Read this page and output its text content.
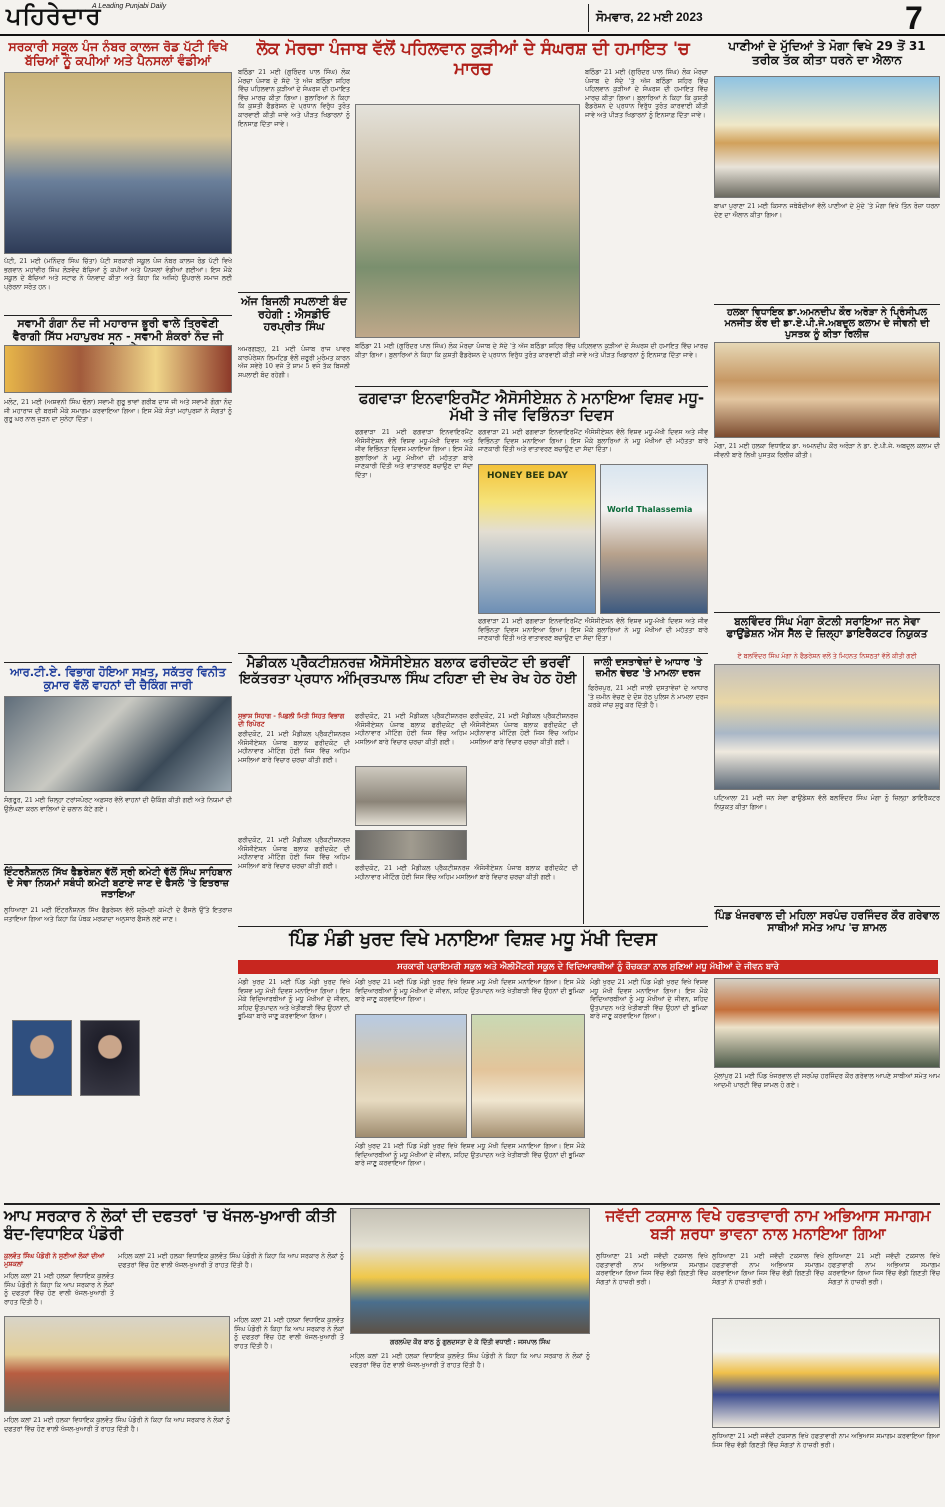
ਪਹਿਰੇਦਾਰ
A Leading Punjabi Daily
ਸੋਮਵਾਰ, 22 ਮਈ 2023	7
ਸਰਕਾਰੀ ਸਕੂਲ ਪੰਜ ਨੰਬਰ ਕਾਲਜ ਰੋਡ ਪੱਟੀ ਵਿਖੇ ਬੱਚਿਆਂ ਨੂੰ ਕਪੀਆਂ ਅਤੇ ਪੈਨਸਲਾਂ ਵੰਡੀਆਂ
ਪੱਟੀ, 21 ਮਈ (ਮਨਿੰਦਰ ਸਿੰਘ ਚਿੱਤਾ) ਪੱਟੀ ਸਰਕਾਰੀ ਸਕੂਲ ਪੰਜ ਨੰਬਰ ਕਾਲਜ ਰੋਡ ਪੱਟੀ ਵਿਖੇ ਭਗਵਾਨ ਮਹਾਂਵੀਰ ਸਿੰਘ ਲੋੜਵੰਦ ਬੱਚਿਆਂ ਨੂੰ ਕਪੀਆਂ ਅਤੇ ਪੈਨਸਲਾਂ ਵੰਡੀਆਂ ਗਈਆਂ। ਇਸ ਮੌਕੇ ਸਕੂਲ ਦੇ ਬੱਚਿਆਂ ਅਤੇ ਸਟਾਫ ਨੇ ਧੰਨਵਾਦ ਕੀਤਾ ਅਤੇ ਕਿਹਾ ਕਿ ਅਜਿਹੇ ਉਪਰਾਲੇ ਸਮਾਜ ਲਈ ਪ੍ਰੇਰਨਾ ਸਰੋਤ ਹਨ।
ਸਵਾਮੀ ਗੰਗਾ ਨੰਦ ਜੀ ਮਹਾਰਾਜ ਭੂਰੀ ਵਾਲੇ ਤ੍ਰਿਵੇਣੀ ਵੈਰਾਗੀ ਸਿੱਧ ਮਹਾਪੁਰਖ ਸਨ - ਸਵਾਮੀ ਸ਼ੰਕਰਾਂ ਨੰਦ ਜੀ
ਮਲੋਟ, 21 ਮਈ (ਅਸ਼ਵਨੀ ਸਿੰਘ ਢੋਲਾ) ਸਵਾਮੀ ਗੁਰੂ ਭਾਵਾਂ ਗਰੀਬ ਦਾਸ ਜੀ ਅਤੇ ਸਵਾਮੀ ਗੰਗਾ ਨੰਦ ਜੀ ਮਹਾਰਾਜ ਦੀ ਬਰਸੀ ਮੌਕੇ ਸਮਾਗਮ ਕਰਵਾਇਆ ਗਿਆ। ਇਸ ਮੌਕੇ ਸੰਤਾਂ ਮਹਾਂਪੁਰਸ਼ਾਂ ਨੇ ਸੰਗਤਾਂ ਨੂੰ ਗੁਰੂ ਘਰ ਨਾਲ ਜੁੜਨ ਦਾ ਸੁਨੇਹਾ ਦਿੱਤਾ।
ਆਰ.ਟੀ.ਏ. ਵਿਭਾਗ ਹੋਇਆ ਸਖ਼ਤ, ਸਕੱਤਰ ਵਿਨੀਤ ਕੁਮਾਰ ਵੱਲੋਂ ਵਾਹਨਾਂ ਦੀ ਚੈਕਿੰਗ ਜਾਰੀ
ਸੰਗਰੂਰ, 21 ਮਈ ਜ਼ਿਲ੍ਹਾ ਟਰਾਂਸਪੋਰਟ ਅਫ਼ਸਰ ਵੱਲੋਂ ਵਾਹਨਾਂ ਦੀ ਚੈਕਿੰਗ ਕੀਤੀ ਗਈ ਅਤੇ ਨਿਯਮਾਂ ਦੀ ਉਲੰਘਣਾ ਕਰਨ ਵਾਲਿਆਂ ਦੇ ਚਲਾਨ ਕੱਟੇ ਗਏ।
ਇੰਟਰਨੈਸ਼ਨਲ ਸਿੱਖ ਫੈਡਰੇਸ਼ਨ ਵੱਲੋਂ ਸ੍ਰੀ ਕਮੇਟੀ ਵੱਲੋਂ ਸਿੰਘ ਸਾਹਿਬਾਨ ਦੇ ਸੇਵਾ ਨਿਯਮਾਂ ਸਬੰਧੀ ਕਮੇਟੀ ਬਣਾਏ ਜਾਣ ਦੇ ਫੈਸਲੇ 'ਤੇ ਇਤਰਾਜ਼ ਜਤਾਇਆ
ਲੁਧਿਆਣਾ 21 ਮਈ ਇੰਟਰਨੈਸ਼ਨਲ ਸਿੱਖ ਫੈਡਰੇਸ਼ਨ ਵੱਲੋਂ ਸ਼੍ਰੋਮਣੀ ਕਮੇਟੀ ਦੇ ਫੈਸਲੇ ਉੱਤੇ ਇਤਰਾਜ਼ ਜਤਾਇਆ ਗਿਆ ਅਤੇ ਕਿਹਾ ਕਿ ਪੰਥਕ ਮਰਯਾਦਾ ਅਨੁਸਾਰ ਫੈਸਲੇ ਲਏ ਜਾਣ।
ਲੋਕ ਮੋਰਚਾ ਪੰਜਾਬ ਵੱਲੋਂ ਪਹਿਲਵਾਨ ਕੁੜੀਆਂ ਦੇ ਸੰਘਰਸ਼ ਦੀ ਹਮਾਇਤ 'ਚ ਮਾਰਚ
ਬਠਿੰਡਾ 21 ਮਈ (ਗੁਰਿੰਦਰ ਪਾਲ ਸਿੰਘ) ਲੋਕ ਮੋਰਚਾ ਪੰਜਾਬ ਦੇ ਸੱਦੇ 'ਤੇ ਅੱਜ ਬਠਿੰਡਾ ਸ਼ਹਿਰ ਵਿੱਚ ਪਹਿਲਵਾਨ ਕੁੜੀਆਂ ਦੇ ਸੰਘਰਸ਼ ਦੀ ਹਮਾਇਤ ਵਿੱਚ ਮਾਰਚ ਕੀਤਾ ਗਿਆ। ਬੁਲਾਰਿਆਂ ਨੇ ਕਿਹਾ ਕਿ ਕੁਸ਼ਤੀ ਫੈਡਰੇਸ਼ਨ ਦੇ ਪ੍ਰਧਾਨ ਵਿਰੁੱਧ ਤੁਰੰਤ ਕਾਰਵਾਈ ਕੀਤੀ ਜਾਵੇ ਅਤੇ ਪੀੜਤ ਖਿਡਾਰਨਾਂ ਨੂੰ ਇਨਸਾਫ਼ ਦਿੱਤਾ ਜਾਵੇ।
ਬਠਿੰਡਾ 21 ਮਈ (ਗੁਰਿੰਦਰ ਪਾਲ ਸਿੰਘ) ਲੋਕ ਮੋਰਚਾ ਪੰਜਾਬ ਦੇ ਸੱਦੇ 'ਤੇ ਅੱਜ ਬਠਿੰਡਾ ਸ਼ਹਿਰ ਵਿੱਚ ਪਹਿਲਵਾਨ ਕੁੜੀਆਂ ਦੇ ਸੰਘਰਸ਼ ਦੀ ਹਮਾਇਤ ਵਿੱਚ ਮਾਰਚ ਕੀਤਾ ਗਿਆ। ਬੁਲਾਰਿਆਂ ਨੇ ਕਿਹਾ ਕਿ ਕੁਸ਼ਤੀ ਫੈਡਰੇਸ਼ਨ ਦੇ ਪ੍ਰਧਾਨ ਵਿਰੁੱਧ ਤੁਰੰਤ ਕਾਰਵਾਈ ਕੀਤੀ ਜਾਵੇ ਅਤੇ ਪੀੜਤ ਖਿਡਾਰਨਾਂ ਨੂੰ ਇਨਸਾਫ਼ ਦਿੱਤਾ ਜਾਵੇ।
ਬਠਿੰਡਾ 21 ਮਈ (ਗੁਰਿੰਦਰ ਪਾਲ ਸਿੰਘ) ਲੋਕ ਮੋਰਚਾ ਪੰਜਾਬ ਦੇ ਸੱਦੇ 'ਤੇ ਅੱਜ ਬਠਿੰਡਾ ਸ਼ਹਿਰ ਵਿੱਚ ਪਹਿਲਵਾਨ ਕੁੜੀਆਂ ਦੇ ਸੰਘਰਸ਼ ਦੀ ਹਮਾਇਤ ਵਿੱਚ ਮਾਰਚ ਕੀਤਾ ਗਿਆ। ਬੁਲਾਰਿਆਂ ਨੇ ਕਿਹਾ ਕਿ ਕੁਸ਼ਤੀ ਫੈਡਰੇਸ਼ਨ ਦੇ ਪ੍ਰਧਾਨ ਵਿਰੁੱਧ ਤੁਰੰਤ ਕਾਰਵਾਈ ਕੀਤੀ ਜਾਵੇ ਅਤੇ ਪੀੜਤ ਖਿਡਾਰਨਾਂ ਨੂੰ ਇਨਸਾਫ਼ ਦਿੱਤਾ ਜਾਵੇ।
ਅੱਜ ਬਿਜਲੀ ਸਪਲਾਈ ਬੰਦ ਰਹੇਗੀ : ਐਸਡੀਓ ਹਰਪ੍ਰੀਤ ਸਿੰਘ
ਅਮਰਗੜ੍ਹ, 21 ਮਈ ਪੰਜਾਬ ਰਾਜ ਪਾਵਰ ਕਾਰਪੋਰੇਸ਼ਨ ਲਿਮਟਿਡ ਵੱਲੋਂ ਜ਼ਰੂਰੀ ਮੁਰੰਮਤ ਕਾਰਨ ਅੱਜ ਸਵੇਰੇ 10 ਵਜੇ ਤੋਂ ਸ਼ਾਮ 5 ਵਜੇ ਤੱਕ ਬਿਜਲੀ ਸਪਲਾਈ ਬੰਦ ਰਹੇਗੀ।
ਫਗਵਾੜਾ ਇਨਵਾਇਰਮੈਂਟ ਐਸੋਸੀਏਸ਼ਨ ਨੇ ਮਨਾਇਆ ਵਿਸ਼ਵ ਮਧੂ-ਮੱਖੀ ਤੇ ਜੀਵ ਵਿਭਿੰਨਤਾ ਦਿਵਸ
ਫਗਵਾੜਾ 21 ਮਈ ਫਗਵਾੜਾ ਇਨਵਾਇਰਮੈਂਟ ਐਸੋਸੀਏਸ਼ਨ ਵੱਲੋਂ ਵਿਸ਼ਵ ਮਧੂ-ਮੱਖੀ ਦਿਵਸ ਅਤੇ ਜੀਵ ਵਿਭਿੰਨਤਾ ਦਿਵਸ ਮਨਾਇਆ ਗਿਆ। ਇਸ ਮੌਕੇ ਬੁਲਾਰਿਆਂ ਨੇ ਮਧੂ ਮੱਖੀਆਂ ਦੀ ਮਹੱਤਤਾ ਬਾਰੇ ਜਾਣਕਾਰੀ ਦਿੱਤੀ ਅਤੇ ਵਾਤਾਵਰਣ ਬਚਾਉਣ ਦਾ ਸੱਦਾ ਦਿੱਤਾ।
ਫਗਵਾੜਾ 21 ਮਈ ਫਗਵਾੜਾ ਇਨਵਾਇਰਮੈਂਟ ਐਸੋਸੀਏਸ਼ਨ ਵੱਲੋਂ ਵਿਸ਼ਵ ਮਧੂ-ਮੱਖੀ ਦਿਵਸ ਅਤੇ ਜੀਵ ਵਿਭਿੰਨਤਾ ਦਿਵਸ ਮਨਾਇਆ ਗਿਆ। ਇਸ ਮੌਕੇ ਬੁਲਾਰਿਆਂ ਨੇ ਮਧੂ ਮੱਖੀਆਂ ਦੀ ਮਹੱਤਤਾ ਬਾਰੇ ਜਾਣਕਾਰੀ ਦਿੱਤੀ ਅਤੇ ਵਾਤਾਵਰਣ ਬਚਾਉਣ ਦਾ ਸੱਦਾ ਦਿੱਤਾ।
HONEY BEE DAY
World Thalassemia
ਫਗਵਾੜਾ 21 ਮਈ ਫਗਵਾੜਾ ਇਨਵਾਇਰਮੈਂਟ ਐਸੋਸੀਏਸ਼ਨ ਵੱਲੋਂ ਵਿਸ਼ਵ ਮਧੂ-ਮੱਖੀ ਦਿਵਸ ਅਤੇ ਜੀਵ ਵਿਭਿੰਨਤਾ ਦਿਵਸ ਮਨਾਇਆ ਗਿਆ। ਇਸ ਮੌਕੇ ਬੁਲਾਰਿਆਂ ਨੇ ਮਧੂ ਮੱਖੀਆਂ ਦੀ ਮਹੱਤਤਾ ਬਾਰੇ ਜਾਣਕਾਰੀ ਦਿੱਤੀ ਅਤੇ ਵਾਤਾਵਰਣ ਬਚਾਉਣ ਦਾ ਸੱਦਾ ਦਿੱਤਾ।
ਮੈਡੀਕਲ ਪ੍ਰੈਕਟੀਸ਼ਨਰਜ਼ ਐਸੋਸੀਏਸ਼ਨ ਬਲਾਕ ਫਰੀਦਕੋਟ ਦੀ ਭਰਵੀਂ ਇਕੱਤਰਤਾ ਪ੍ਰਧਾਨ ਅੰਮ੍ਰਿਤਪਾਲ ਸਿੰਘ ਟਹਿਣਾ ਦੀ ਦੇਖ ਰੇਖ ਹੇਠ ਹੋਈ
ਸੁਭਾਸ਼ ਸਿਹਾਗ - ਪਿਛਲੀ ਮਿਤੀ ਸਿਹਤ ਵਿਭਾਗ ਦੀ ਰਿਪੋਰਟ
ਫਰੀਦਕੋਟ, 21 ਮਈ ਮੈਡੀਕਲ ਪ੍ਰੈਕਟੀਸ਼ਨਰਜ਼ ਐਸੋਸੀਏਸ਼ਨ ਪੰਜਾਬ ਬਲਾਕ ਫਰੀਦਕੋਟ ਦੀ ਮਹੀਨਾਵਾਰ ਮੀਟਿੰਗ ਹੋਈ ਜਿਸ ਵਿੱਚ ਅਹਿਮ ਮਸਲਿਆਂ ਬਾਰੇ ਵਿਚਾਰ ਚਰਚਾ ਕੀਤੀ ਗਈ।
ਫਰੀਦਕੋਟ, 21 ਮਈ ਮੈਡੀਕਲ ਪ੍ਰੈਕਟੀਸ਼ਨਰਜ਼ ਐਸੋਸੀਏਸ਼ਨ ਪੰਜਾਬ ਬਲਾਕ ਫਰੀਦਕੋਟ ਦੀ ਮਹੀਨਾਵਾਰ ਮੀਟਿੰਗ ਹੋਈ ਜਿਸ ਵਿੱਚ ਅਹਿਮ ਮਸਲਿਆਂ ਬਾਰੇ ਵਿਚਾਰ ਚਰਚਾ ਕੀਤੀ ਗਈ।
ਫਰੀਦਕੋਟ, 21 ਮਈ ਮੈਡੀਕਲ ਪ੍ਰੈਕਟੀਸ਼ਨਰਜ਼ ਐਸੋਸੀਏਸ਼ਨ ਪੰਜਾਬ ਬਲਾਕ ਫਰੀਦਕੋਟ ਦੀ ਮਹੀਨਾਵਾਰ ਮੀਟਿੰਗ ਹੋਈ ਜਿਸ ਵਿੱਚ ਅਹਿਮ ਮਸਲਿਆਂ ਬਾਰੇ ਵਿਚਾਰ ਚਰਚਾ ਕੀਤੀ ਗਈ।
ਫਰੀਦਕੋਟ, 21 ਮਈ ਮੈਡੀਕਲ ਪ੍ਰੈਕਟੀਸ਼ਨਰਜ਼ ਐਸੋਸੀਏਸ਼ਨ ਪੰਜਾਬ ਬਲਾਕ ਫਰੀਦਕੋਟ ਦੀ ਮਹੀਨਾਵਾਰ ਮੀਟਿੰਗ ਹੋਈ ਜਿਸ ਵਿੱਚ ਅਹਿਮ ਮਸਲਿਆਂ ਬਾਰੇ ਵਿਚਾਰ ਚਰਚਾ ਕੀਤੀ ਗਈ।
ਫਰੀਦਕੋਟ, 21 ਮਈ ਮੈਡੀਕਲ ਪ੍ਰੈਕਟੀਸ਼ਨਰਜ਼ ਐਸੋਸੀਏਸ਼ਨ ਪੰਜਾਬ ਬਲਾਕ ਫਰੀਦਕੋਟ ਦੀ ਮਹੀਨਾਵਾਰ ਮੀਟਿੰਗ ਹੋਈ ਜਿਸ ਵਿੱਚ ਅਹਿਮ ਮਸਲਿਆਂ ਬਾਰੇ ਵਿਚਾਰ ਚਰਚਾ ਕੀਤੀ ਗਈ।
ਜਾਲੀ ਦਸਤਾਵੇਜ਼ਾਂ ਦੇ ਆਧਾਰ 'ਤੇ ਜ਼ਮੀਨ ਵੇਚਣ 'ਤੇ ਮਾਮਲਾ ਦਰਜ
ਫਿਰੋਜ਼ਪੁਰ, 21 ਮਈ ਜਾਲੀ ਦਸਤਾਵੇਜ਼ਾਂ ਦੇ ਆਧਾਰ 'ਤੇ ਜ਼ਮੀਨ ਵੇਚਣ ਦੇ ਦੋਸ਼ ਹੇਠ ਪੁਲਿਸ ਨੇ ਮਾਮਲਾ ਦਰਜ ਕਰਕੇ ਜਾਂਚ ਸ਼ੁਰੂ ਕਰ ਦਿੱਤੀ ਹੈ।
ਪਿੰਡ ਮੰਡੀ ਖੁਰਦ ਵਿਖੇ ਮਨਾਇਆ ਵਿਸ਼ਵ ਮਧੂ ਮੱਖੀ ਦਿਵਸ
ਸਰਕਾਰੀ ਪ੍ਰਾਇਮਰੀ ਸਕੂਲ ਅਤੇ ਐਲੀਮੈਂਟਰੀ ਸਕੂਲ ਦੇ ਵਿਦਿਆਰਥੀਆਂ ਨੂੰ ਰੌਚਕਤਾ ਨਾਲ ਸੁਣਿਆਂ ਮਧੂ ਮੱਖੀਆਂ ਦੇ ਜੀਵਨ ਬਾਰੇ
ਮੰਡੀ ਖੁਰਦ 21 ਮਈ ਪਿੰਡ ਮੰਡੀ ਖੁਰਦ ਵਿਖੇ ਵਿਸ਼ਵ ਮਧੂ ਮੱਖੀ ਦਿਵਸ ਮਨਾਇਆ ਗਿਆ। ਇਸ ਮੌਕੇ ਵਿਦਿਆਰਥੀਆਂ ਨੂੰ ਮਧੂ ਮੱਖੀਆਂ ਦੇ ਜੀਵਨ, ਸ਼ਹਿਦ ਉਤਪਾਦਨ ਅਤੇ ਖੇਤੀਬਾੜੀ ਵਿੱਚ ਉਹਨਾਂ ਦੀ ਭੂਮਿਕਾ ਬਾਰੇ ਜਾਣੂ ਕਰਵਾਇਆ ਗਿਆ।
ਮੰਡੀ ਖੁਰਦ 21 ਮਈ ਪਿੰਡ ਮੰਡੀ ਖੁਰਦ ਵਿਖੇ ਵਿਸ਼ਵ ਮਧੂ ਮੱਖੀ ਦਿਵਸ ਮਨਾਇਆ ਗਿਆ। ਇਸ ਮੌਕੇ ਵਿਦਿਆਰਥੀਆਂ ਨੂੰ ਮਧੂ ਮੱਖੀਆਂ ਦੇ ਜੀਵਨ, ਸ਼ਹਿਦ ਉਤਪਾਦਨ ਅਤੇ ਖੇਤੀਬਾੜੀ ਵਿੱਚ ਉਹਨਾਂ ਦੀ ਭੂਮਿਕਾ ਬਾਰੇ ਜਾਣੂ ਕਰਵਾਇਆ ਗਿਆ।
ਮੰਡੀ ਖੁਰਦ 21 ਮਈ ਪਿੰਡ ਮੰਡੀ ਖੁਰਦ ਵਿਖੇ ਵਿਸ਼ਵ ਮਧੂ ਮੱਖੀ ਦਿਵਸ ਮਨਾਇਆ ਗਿਆ। ਇਸ ਮੌਕੇ ਵਿਦਿਆਰਥੀਆਂ ਨੂੰ ਮਧੂ ਮੱਖੀਆਂ ਦੇ ਜੀਵਨ, ਸ਼ਹਿਦ ਉਤਪਾਦਨ ਅਤੇ ਖੇਤੀਬਾੜੀ ਵਿੱਚ ਉਹਨਾਂ ਦੀ ਭੂਮਿਕਾ ਬਾਰੇ ਜਾਣੂ ਕਰਵਾਇਆ ਗਿਆ।
ਮੰਡੀ ਖੁਰਦ 21 ਮਈ ਪਿੰਡ ਮੰਡੀ ਖੁਰਦ ਵਿਖੇ ਵਿਸ਼ਵ ਮਧੂ ਮੱਖੀ ਦਿਵਸ ਮਨਾਇਆ ਗਿਆ। ਇਸ ਮੌਕੇ ਵਿਦਿਆਰਥੀਆਂ ਨੂੰ ਮਧੂ ਮੱਖੀਆਂ ਦੇ ਜੀਵਨ, ਸ਼ਹਿਦ ਉਤਪਾਦਨ ਅਤੇ ਖੇਤੀਬਾੜੀ ਵਿੱਚ ਉਹਨਾਂ ਦੀ ਭੂਮਿਕਾ ਬਾਰੇ ਜਾਣੂ ਕਰਵਾਇਆ ਗਿਆ।
ਪਾਣੀਆਂ ਦੇ ਮੁੱਦਿਆਂ ਤੇ ਮੋਗਾ ਵਿਖੇ 29 ਤੋਂ 31 ਤਰੀਕ ਤੱਕ ਕੀਤਾ ਧਰਨੇ ਦਾ ਐਲਾਨ
ਬਾਘਾ ਪੁਰਾਣਾ 21 ਮਈ ਕਿਸਾਨ ਜਥੇਬੰਦੀਆਂ ਵੱਲੋਂ ਪਾਣੀਆਂ ਦੇ ਮੁੱਦੇ 'ਤੇ ਮੋਗਾ ਵਿਖੇ ਤਿੰਨ ਰੋਜ਼ਾ ਧਰਨਾ ਦੇਣ ਦਾ ਐਲਾਨ ਕੀਤਾ ਗਿਆ।
ਹਲਕਾ ਵਿਧਾਇਕ ਡਾ.ਅਮਨਦੀਪ ਕੌਰ ਅਰੋੜਾ ਨੇ ਪ੍ਰਿੰਸੀਪਲ ਮਨਜੀਤ ਕੌਰ ਦੀ ਡਾ.ਏ.ਪੀ.ਜੇ.ਅਬਦੁਲ ਕਲਾਮ ਦੇ ਜੀਵਨੀ ਦੀ ਪੁਸਤਕ ਨੂੰ ਕੀਤਾ ਰਿਲੀਜ਼
ਮੋਗਾ, 21 ਮਈ ਹਲਕਾ ਵਿਧਾਇਕ ਡਾ. ਅਮਨਦੀਪ ਕੌਰ ਅਰੋੜਾ ਨੇ ਡਾ. ਏ.ਪੀ.ਜੇ. ਅਬਦੁਲ ਕਲਾਮ ਦੀ ਜੀਵਨੀ ਬਾਰੇ ਲਿਖੀ ਪੁਸਤਕ ਰਿਲੀਜ਼ ਕੀਤੀ।
ਬਲਵਿੰਦਰ ਸਿੰਘ ਮੰਗਾ ਕੋਟਲੀ ਸਰਾਇਆ ਜਨ ਸੇਵਾ ਫਾਉਂਡੇਸ਼ਨ ਔਸ ਸੈੱਲ ਦੇ ਜ਼ਿਲ੍ਹਾ ਡਾਇਰੈਕਟਰ ਨਿਯੁਕਤ
ਏ ਬਲਵਿੰਦਰ ਸਿੰਘ ਮੰਗਾ ਨੇ ਫੈਡਰੇਸ਼ਨ ਵਲੋਂ ਤੇ ਮਿਹਨਤ ਨਿਸ਼ਠਤਾਂ ਵੱਲੋਂ ਕੀਤੀ ਗਈ
ਪਟਿਆਲਾ 21 ਮਈ ਜਨ ਸੇਵਾ ਫਾਉਂਡੇਸ਼ਨ ਵੱਲੋਂ ਬਲਵਿੰਦਰ ਸਿੰਘ ਮੰਗਾ ਨੂੰ ਜ਼ਿਲ੍ਹਾ ਡਾਇਰੈਕਟਰ ਨਿਯੁਕਤ ਕੀਤਾ ਗਿਆ।
ਪਿੰਡ ਖੰਜਰਵਾਲ ਦੀ ਮਹਿਲਾ ਸਰਪੰਚ ਹਰਜਿੰਦਰ ਕੌਰ ਗਰੇਵਾਲ ਸਾਥੀਆਂ ਸਮੇਤ ਆਪ 'ਚ ਸ਼ਾਮਲ
ਮੁੱਲਾਂਪੁਰ 21 ਮਈ ਪਿੰਡ ਖੰਜਰਵਾਲ ਦੀ ਸਰਪੰਚ ਹਰਜਿੰਦਰ ਕੌਰ ਗਰੇਵਾਲ ਆਪਣੇ ਸਾਥੀਆਂ ਸਮੇਤ ਆਮ ਆਦਮੀ ਪਾਰਟੀ ਵਿੱਚ ਸ਼ਾਮਲ ਹੋ ਗਏ।
ਆਪ ਸਰਕਾਰ ਨੇ ਲੋਕਾਂ ਦੀ ਦਫਤਰਾਂ 'ਚ ਖੱਜਲ-ਖੁਆਰੀ ਕੀਤੀ ਬੰਦ-ਵਿਧਾਇਕ ਪੰਡੋਰੀ
ਕੁਲਵੰਤ ਸਿੰਘ ਪੰਡੋਰੀ ਨੇ ਸੁਣੀਆਂ ਲੋਕਾਂ ਦੀਆਂ ਮੁਸ਼ਕਲਾਂ
ਮਹਿਲ ਕਲਾਂ 21 ਮਈ ਹਲਕਾ ਵਿਧਾਇਕ ਕੁਲਵੰਤ ਸਿੰਘ ਪੰਡੋਰੀ ਨੇ ਕਿਹਾ ਕਿ ਆਪ ਸਰਕਾਰ ਨੇ ਲੋਕਾਂ ਨੂੰ ਦਫਤਰਾਂ ਵਿੱਚ ਹੋਣ ਵਾਲੀ ਖੱਜਲ-ਖੁਆਰੀ ਤੋਂ ਰਾਹਤ ਦਿੱਤੀ ਹੈ।
ਮਹਿਲ ਕਲਾਂ 21 ਮਈ ਹਲਕਾ ਵਿਧਾਇਕ ਕੁਲਵੰਤ ਸਿੰਘ ਪੰਡੋਰੀ ਨੇ ਕਿਹਾ ਕਿ ਆਪ ਸਰਕਾਰ ਨੇ ਲੋਕਾਂ ਨੂੰ ਦਫਤਰਾਂ ਵਿੱਚ ਹੋਣ ਵਾਲੀ ਖੱਜਲ-ਖੁਆਰੀ ਤੋਂ ਰਾਹਤ ਦਿੱਤੀ ਹੈ।
ਮਹਿਲ ਕਲਾਂ 21 ਮਈ ਹਲਕਾ ਵਿਧਾਇਕ ਕੁਲਵੰਤ ਸਿੰਘ ਪੰਡੋਰੀ ਨੇ ਕਿਹਾ ਕਿ ਆਪ ਸਰਕਾਰ ਨੇ ਲੋਕਾਂ ਨੂੰ ਦਫਤਰਾਂ ਵਿੱਚ ਹੋਣ ਵਾਲੀ ਖੱਜਲ-ਖੁਆਰੀ ਤੋਂ ਰਾਹਤ ਦਿੱਤੀ ਹੈ।
ਮਹਿਲ ਕਲਾਂ 21 ਮਈ ਹਲਕਾ ਵਿਧਾਇਕ ਕੁਲਵੰਤ ਸਿੰਘ ਪੰਡੋਰੀ ਨੇ ਕਿਹਾ ਕਿ ਆਪ ਸਰਕਾਰ ਨੇ ਲੋਕਾਂ ਨੂੰ ਦਫਤਰਾਂ ਵਿੱਚ ਹੋਣ ਵਾਲੀ ਖੱਜਲ-ਖੁਆਰੀ ਤੋਂ ਰਾਹਤ ਦਿੱਤੀ ਹੈ।
ਗਰਲਪੰਦ ਕੌਰ ਬਾਠ ਨੂੰ ਗੁਲਦਸਤਾ ਦੇ ਕੇ ਦਿੱਤੀ ਵਧਾਈ : ਜਸਪਾਲ ਸਿੰਘ
ਮਹਿਲ ਕਲਾਂ 21 ਮਈ ਹਲਕਾ ਵਿਧਾਇਕ ਕੁਲਵੰਤ ਸਿੰਘ ਪੰਡੋਰੀ ਨੇ ਕਿਹਾ ਕਿ ਆਪ ਸਰਕਾਰ ਨੇ ਲੋਕਾਂ ਨੂੰ ਦਫਤਰਾਂ ਵਿੱਚ ਹੋਣ ਵਾਲੀ ਖੱਜਲ-ਖੁਆਰੀ ਤੋਂ ਰਾਹਤ ਦਿੱਤੀ ਹੈ।
ਜਵੱਦੀ ਟਕਸਾਲ ਵਿਖੇ ਹਫਤਾਵਾਰੀ ਨਾਮ ਅਭਿਆਸ ਸਮਾਗਮ ਬੜੀ ਸ਼ਰਧਾ ਭਾਵਨਾ ਨਾਲ ਮਨਾਇਆ ਗਿਆ
ਲੁਧਿਆਣਾ 21 ਮਈ ਜਵੱਦੀ ਟਕਸਾਲ ਵਿਖੇ ਹਫਤਾਵਾਰੀ ਨਾਮ ਅਭਿਆਸ ਸਮਾਗਮ ਕਰਵਾਇਆ ਗਿਆ ਜਿਸ ਵਿੱਚ ਵੱਡੀ ਗਿਣਤੀ ਵਿੱਚ ਸੰਗਤਾਂ ਨੇ ਹਾਜ਼ਰੀ ਭਰੀ।
ਲੁਧਿਆਣਾ 21 ਮਈ ਜਵੱਦੀ ਟਕਸਾਲ ਵਿਖੇ ਹਫਤਾਵਾਰੀ ਨਾਮ ਅਭਿਆਸ ਸਮਾਗਮ ਕਰਵਾਇਆ ਗਿਆ ਜਿਸ ਵਿੱਚ ਵੱਡੀ ਗਿਣਤੀ ਵਿੱਚ ਸੰਗਤਾਂ ਨੇ ਹਾਜ਼ਰੀ ਭਰੀ।
ਲੁਧਿਆਣਾ 21 ਮਈ ਜਵੱਦੀ ਟਕਸਾਲ ਵਿਖੇ ਹਫਤਾਵਾਰੀ ਨਾਮ ਅਭਿਆਸ ਸਮਾਗਮ ਕਰਵਾਇਆ ਗਿਆ ਜਿਸ ਵਿੱਚ ਵੱਡੀ ਗਿਣਤੀ ਵਿੱਚ ਸੰਗਤਾਂ ਨੇ ਹਾਜ਼ਰੀ ਭਰੀ।
ਲੁਧਿਆਣਾ 21 ਮਈ ਜਵੱਦੀ ਟਕਸਾਲ ਵਿਖੇ ਹਫਤਾਵਾਰੀ ਨਾਮ ਅਭਿਆਸ ਸਮਾਗਮ ਕਰਵਾਇਆ ਗਿਆ ਜਿਸ ਵਿੱਚ ਵੱਡੀ ਗਿਣਤੀ ਵਿੱਚ ਸੰਗਤਾਂ ਨੇ ਹਾਜ਼ਰੀ ਭਰੀ।
